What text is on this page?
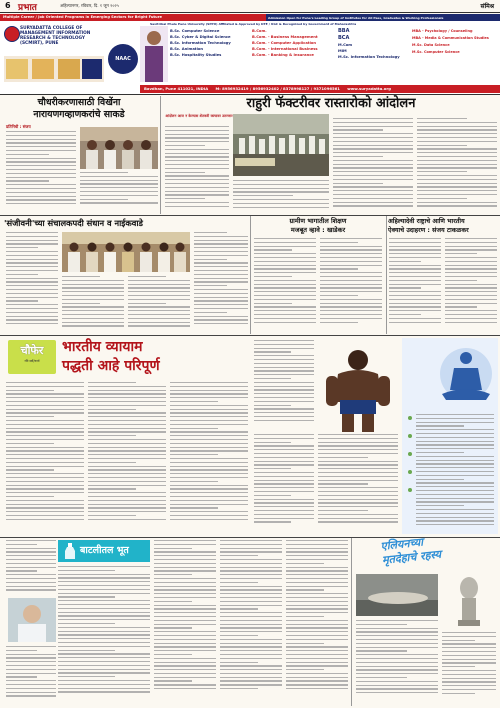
6 प्रभात	अहिल्यानगर, रविवार, दि. १ जून २०२५	संमिश्र
Multiple Career / Job Oriented Programs in Emerging Sectors for Bright Future	Admission Open for Pune's Leading Group of Institutes for All Pass, Graduates & Working Professionals
Savitribai Phule Pune University (SPPU) Affiliated & Approved by DTE / UGC & Recognized by Government of Maharashtra
SURYADATTA COLLEGE OF MANAGEMENT INFORMATION RESEARCH & TECHNOLOGY (SCMIRT), PUNE
NAAC
B.Sc. Computer Science
B.Sc. Cyber & Digital Science
B.Sc. Information Technology
B.Sc. Animation
B.Sc. Hospitality Studies
B.Com.
B.Com. - Business Management
B.Com. - Computer Application
B.Com. - International Business
B.Com. - Banking & Insurance
BBA
BCA
M.Com
MIM
M.Sc. Information Technology
MBA - Psychology / Counseling
MBA - Media & Communication Studies
M.Sc. Data Science
M.Sc. Computer Science
Bavdhan, Pune 411021, INDIA M: 8956932419 / 8956932402 / 8378998127 / 9371096561 www.suryadatta.org
चौधरीकरणासाठी विखेंना
नारायणगव्हाणकरांचे साकडे
प्रतिनिधी : संजय
राहुरी फॅक्टरीवर रास्तारोको आंदोलन
आंदोलन आज न केल्यास शेतकरी रस्त्यावर उतरणार
'संजीवनी'च्या संचालकपदी संधान व नाईकवाडे	ग्रामीण भागातील शिक्षण
मजबूत व्हावे : खाडेकर
अहिल्यादेवी राष्ट्राचे आणि भारतीय
ऐक्याचे उदाहरण : संजय टाकळकर
चौफेर
रवि सर्वे/कर्ता
भारतीय व्यायाम
पद्धती आहे परिपूर्ण
बाटलीतल भूत	एलियनच्या
मृतदेहाचे रहस्य
